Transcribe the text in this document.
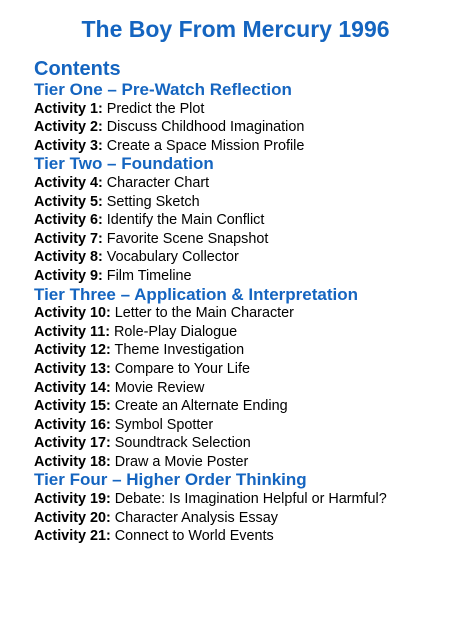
The Boy From Mercury 1996
Contents
Tier One – Pre-Watch Reflection
Activity 1: Predict the Plot
Activity 2: Discuss Childhood Imagination
Activity 3: Create a Space Mission Profile
Tier Two – Foundation
Activity 4: Character Chart
Activity 5: Setting Sketch
Activity 6: Identify the Main Conflict
Activity 7: Favorite Scene Snapshot
Activity 8: Vocabulary Collector
Activity 9: Film Timeline
Tier Three – Application & Interpretation
Activity 10: Letter to the Main Character
Activity 11: Role-Play Dialogue
Activity 12: Theme Investigation
Activity 13: Compare to Your Life
Activity 14: Movie Review
Activity 15: Create an Alternate Ending
Activity 16: Symbol Spotter
Activity 17: Soundtrack Selection
Activity 18: Draw a Movie Poster
Tier Four – Higher Order Thinking
Activity 19: Debate: Is Imagination Helpful or Harmful?
Activity 20: Character Analysis Essay
Activity 21: Connect to World Events
